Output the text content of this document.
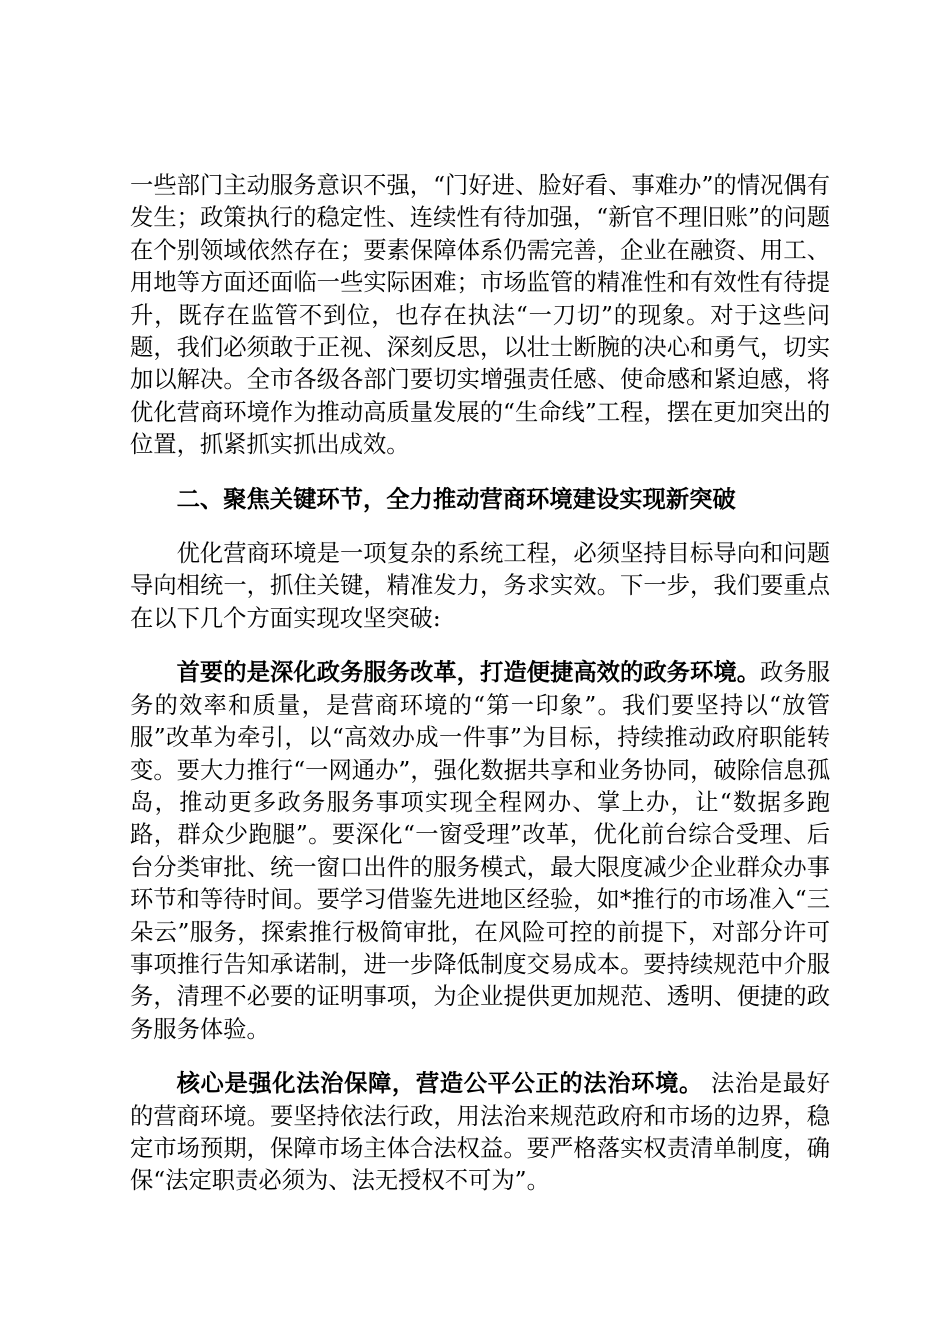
一些部门主动服务意识不强，“门好进、脸好看、事难办”的情况偶有发生；政策执行的稳定性、连续性有待加强，“新官不理旧账”的问题在个别领域依然存在；要素保障体系仍需完善，企业在融资、用工、用地等方面还面临一些实际困难；市场监管的精准性和有效性有待提升，既存在监管不到位，也存在执法“一刀切”的现象。对于这些问题，我们必须敢于正视、深刻反思，以壮士断腕的决心和勇气，切实加以解决。全市各级各部门要切实增强责任感、使命感和紧迫感，将优化营商环境作为推动高质量发展的“生命线”工程，摆在更加突出的位置，抓紧抓实抓出成效。

二、聚焦关键环节，全力推动营商环境建设实现新突破

优化营商环境是一项复杂的系统工程，必须坚持目标导向和问题导向相统一，抓住关键，精准发力，务求实效。下一步，我们要重点在以下几个方面实现攻坚突破:

首要的是深化政务服务改革，打造便捷高效的政务环境。政务服务的效率和质量，是营商环境的“第一印象”。我们要坚持以“放管服”改革为牵引，以“高效办成一件事”为目标，持续推动政府职能转变。要大力推行“一网通办”，强化数据共享和业务协同，破除信息孤岛，推动更多政务服务事项实现全程网办、掌上办，让“数据多跑路，群众少跑腿”。要深化“一窗受理”改革，优化前台综合受理、后台分类审批、统一窗口出件的服务模式，最大限度减少企业群众办事环节和等待时间。要学习借鉴先进地区经验，如*推行的市场准入“三朵云”服务，探索推行极简审批，在风险可控的前提下，对部分许可事项推行告知承诺制，进一步降低制度交易成本。要持续规范中介服务，清理不必要的证明事项，为企业提供更加规范、透明、便捷的政务服务体验。

核心是强化法治保障，营造公平公正的法治环境。 法治是最好的营商环境。要坚持依法行政，用法治来规范政府和市场的边界，稳定市场预期，保障市场主体合法权益。要严格落实权责清单制度，确保“法定职责必须为、法无授权不可为”。
